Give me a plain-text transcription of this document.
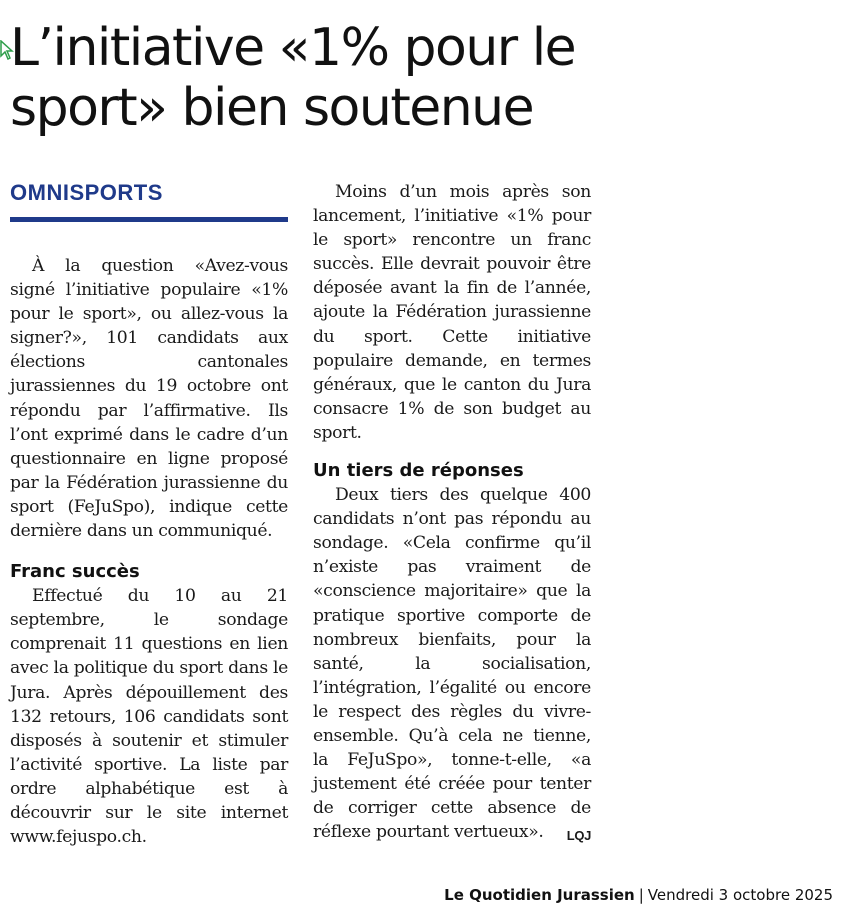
L’initiative «1% pour le sport» bien soutenue
OMNISPORTS

À la question «Avez-vous signé l’initiative populaire «1% pour le sport», ou allez-vous la signer?», 101 candidats aux élections cantonales jurassiennes du 19 octobre ont répondu par l’affirmative. Ils l’ont exprimé dans le cadre d’un questionnaire en ligne proposé par la Fédération jurassienne du sport (FeJuSpo), indique cette dernière dans un communiqué.

Franc succès

Effectué du 10 au 21 septembre, le sondage comprenait 11 questions en lien avec la politique du sport dans le Jura. Après dépouillement des 132 retours, 106 candidats sont disposés à soutenir et stimuler l’activité sportive. La liste par ordre alphabétique est à découvrir sur le site internet www.fejuspo.ch.

Moins d’un mois après son lancement, l’initiative «1% pour le sport» rencontre un franc succès. Elle devrait pouvoir être déposée avant la fin de l’année, ajoute la Fédération jurassienne du sport. Cette initiative populaire demande, en termes généraux, que le canton du Jura consacre 1% de son budget au sport.

Un tiers de réponses

Deux tiers des quelque 400 candidats n’ont pas répondu au sondage. «Cela confirme qu’il n’existe pas vraiment de «conscience majoritaire» que la pratique sportive comporte de nombreux bienfaits, pour la santé, la socialisation, l’intégration, l’égalité ou encore le respect des règles du vivre-ensemble. Qu’à cela ne tienne, la FeJuSpo», tonne-t-elle, «a justement été créée pour tenter de corriger cette absence de réflexe pourtant vertueux».	LQJ

Le Quotidien Jurassien | Vendredi 3 octobre 2025
